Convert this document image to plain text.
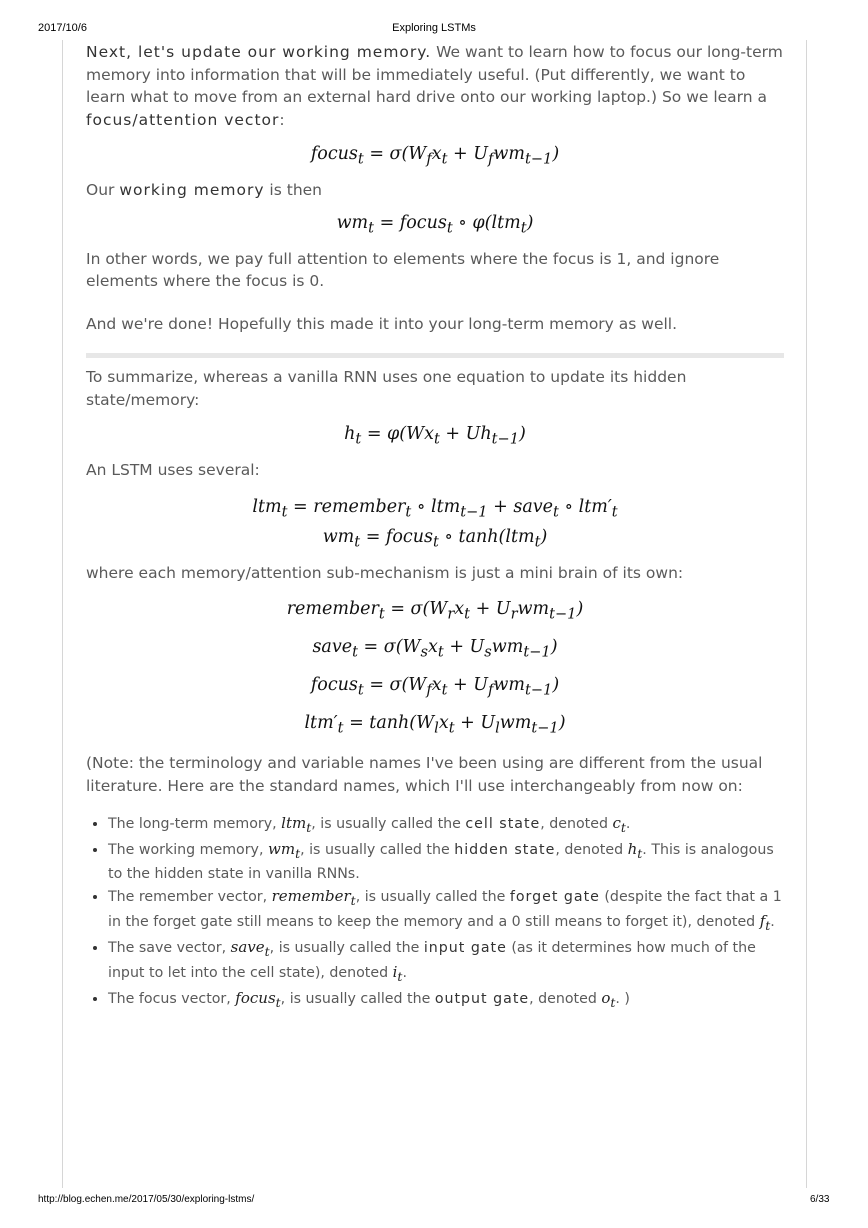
2017/10/6	Exploring LSTMs

Next, let's update our working memory. We want to learn how to focus our long-term memory into information that will be immediately useful. (Put differently, we want to learn what to move from an external hard drive onto our working laptop.) So we learn a focus/attention vector:

focus$_t$ = $\sigma(W_fx_t + U_fwm_{t-1})$

Our working memory is then

$wm_t$ = focus$_t$ ∘ φ(ltm$_t$)

In other words, we pay full attention to elements where the focus is 1, and ignore elements where the focus is 0.

And we're done! Hopefully this made it into your long-term memory as well.

To summarize, whereas a vanilla RNN uses one equation to update its hidden state/memory:

$h_t = \varphi(Wx_t + Uh_{t-1})$

An LSTM uses several:

ltm$_t$ = remember$_t$ ∘ ltm$_{t-1}$ + save$_t$ ∘ $ltm'_t$
$wm_t$ = focus$_t$ ∘ tanh(ltm$_t$)

where each memory/attention sub-mechanism is just a mini brain of its own:

remember$_t$ = $\sigma(W_rx_t + U_rwm_{t-1})$
save$_t$ = $\sigma(W_sx_t + U_swm_{t-1})$
focus$_t$ = $\sigma(W_fx_t + U_fwm_{t-1})$
$ltm'_t = \tanh(W_lx_t + U_lwm_{t-1})$

(Note: the terminology and variable names I've been using are different from the usual literature. Here are the standard names, which I'll use interchangeably from now on:

• The long-term memory, ltm$_t$, is usually called the cell state, denoted $c_t$.
• The working memory, $wm_t$, is usually called the hidden state, denoted $h_t$. This is analogous to the hidden state in vanilla RNNs.
• The remember vector, remember$_t$, is usually called the forget gate (despite the fact that a 1 in the forget gate still means to keep the memory and a 0 still means to forget it), denoted $f_t$.
• The save vector, save$_t$, is usually called the input gate (as it determines how much of the input to let into the cell state), denoted $i_t$.
• The focus vector, focus$_t$, is usually called the output gate, denoted $o_t$. )
http://blog.echen.me/2017/05/30/exploring-lstms/	6/33
